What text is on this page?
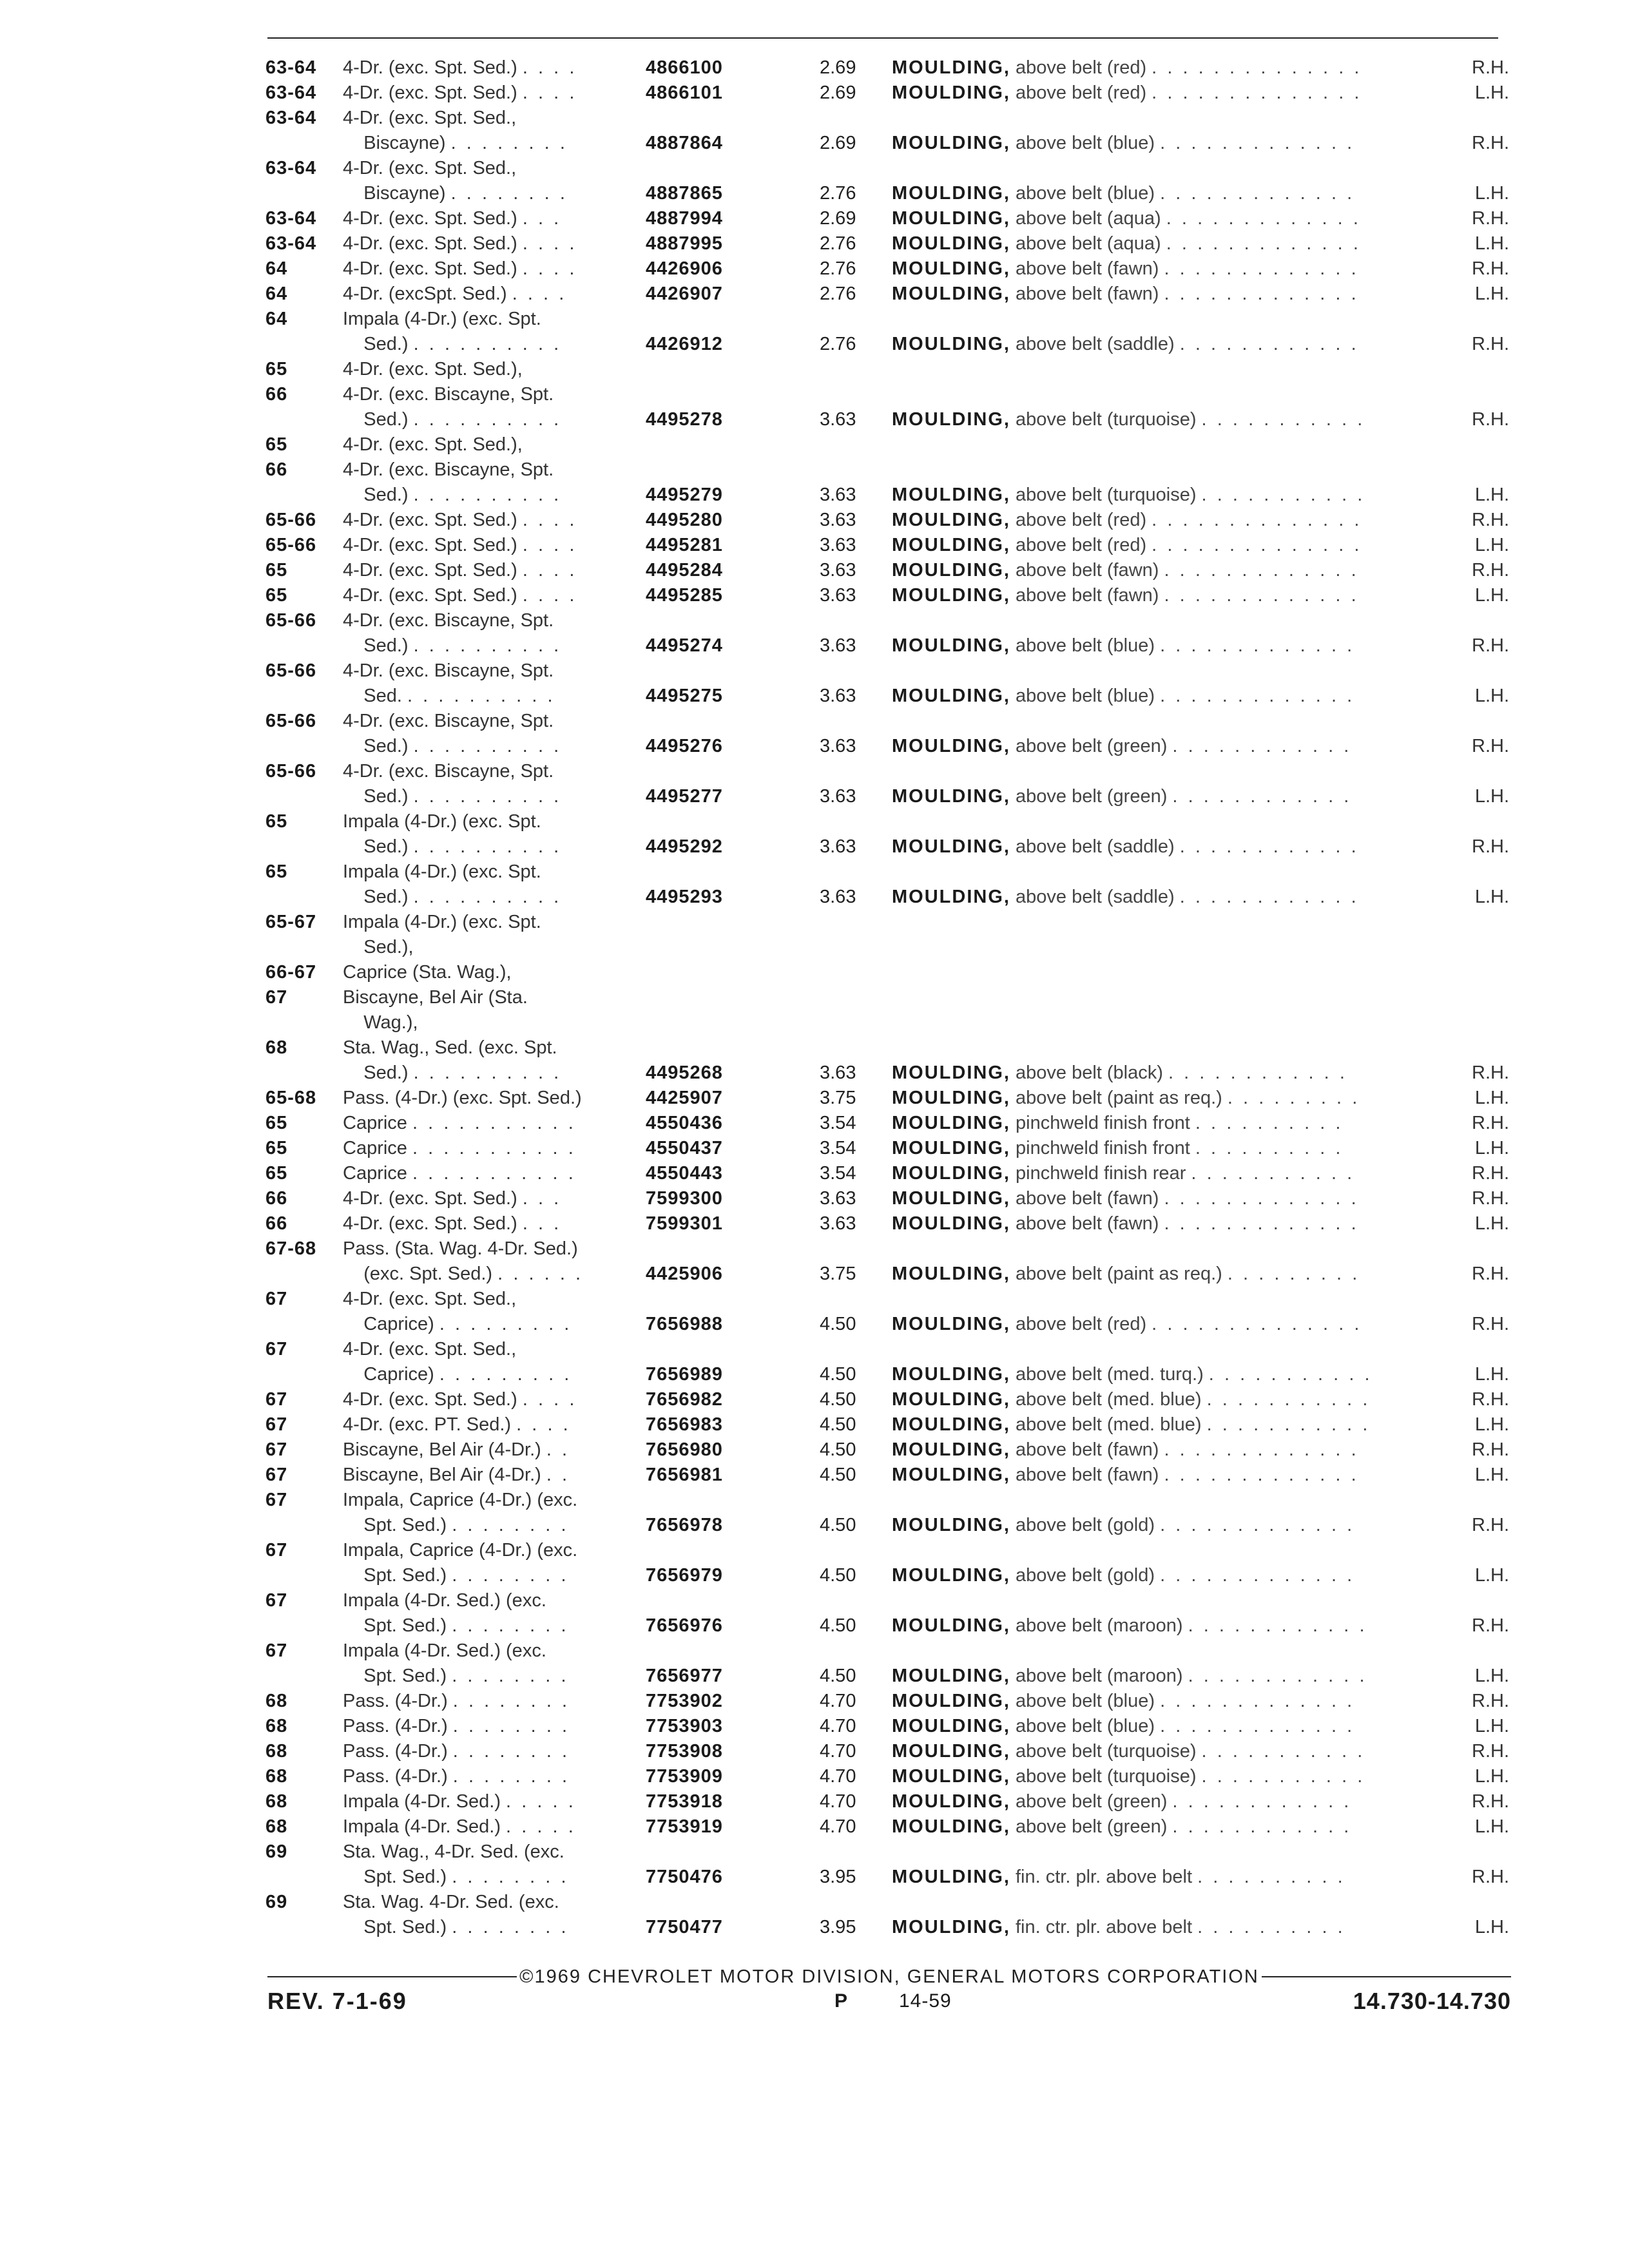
63-64	4-Dr. (exc. Spt. Sed.) .  .  .  .	4866100	2.69	MOULDING, above belt (red) .  .  .  .  .  .  .  .  .  .  .  .  .  .	R.H.
63-64	4-Dr. (exc. Spt. Sed.) .  .  .  .	4866101	2.69	MOULDING, above belt (red) .  .  .  .  .  .  .  .  .  .  .  .  .  .	L.H.
63-64	4-Dr. (exc. Spt. Sed.,				
	Biscayne) .  .  .  .  .  .  .  .	4887864	2.69	MOULDING, above belt (blue) .  .  .  .  .  .  .  .  .  .  .  .  .	R.H.
63-64	4-Dr. (exc. Spt. Sed.,				
	Biscayne) .  .  .  .  .  .  .  .	4887865	2.76	MOULDING, above belt (blue) .  .  .  .  .  .  .  .  .  .  .  .  .	L.H.
63-64	4-Dr. (exc. Spt. Sed.) .  .  .	4887994	2.69	MOULDING, above belt (aqua) .  .  .  .  .  .  .  .  .  .  .  .  .	R.H.
63-64	4-Dr. (exc. Spt. Sed.) .  .  .  .	4887995	2.76	MOULDING, above belt (aqua) .  .  .  .  .  .  .  .  .  .  .  .  .	L.H.
64	4-Dr. (exc. Spt. Sed.) .  .  .  .	4426906	2.76	MOULDING, above belt (fawn) .  .  .  .  .  .  .  .  .  .  .  .  .	R.H.
64	4-Dr. (excSpt. Sed.) .  .  .  .	4426907	2.76	MOULDING, above belt (fawn) .  .  .  .  .  .  .  .  .  .  .  .  .	L.H.
64	Impala (4-Dr.) (exc. Spt.				
	Sed.) .  .  .  .  .  .  .  .  .  .	4426912	2.76	MOULDING, above belt (saddle) .  .  .  .  .  .  .  .  .  .  .  .	R.H.
65	4-Dr. (exc. Spt. Sed.),				
66	4-Dr. (exc. Biscayne, Spt.				
	Sed.) .  .  .  .  .  .  .  .  .  .	4495278	3.63	MOULDING, above belt (turquoise) .  .  .  .  .  .  .  .  .  .  .	R.H.
65	4-Dr. (exc. Spt. Sed.),				
66	4-Dr. (exc. Biscayne, Spt.				
	Sed.) .  .  .  .  .  .  .  .  .  .	4495279	3.63	MOULDING, above belt (turquoise) .  .  .  .  .  .  .  .  .  .  .	L.H.
65-66	4-Dr. (exc. Spt. Sed.) .  .  .  .	4495280	3.63	MOULDING, above belt (red) .  .  .  .  .  .  .  .  .  .  .  .  .  .	R.H.
65-66	4-Dr. (exc. Spt. Sed.) .  .  .  .	4495281	3.63	MOULDING, above belt (red) .  .  .  .  .  .  .  .  .  .  .  .  .  .	L.H.
65	4-Dr. (exc. Spt. Sed.) .  .  .  .	4495284	3.63	MOULDING, above belt (fawn) .  .  .  .  .  .  .  .  .  .  .  .  .	R.H.
65	4-Dr. (exc. Spt. Sed.) .  .  .  .	4495285	3.63	MOULDING, above belt (fawn) .  .  .  .  .  .  .  .  .  .  .  .  .	L.H.
65-66	4-Dr. (exc. Biscayne, Spt.				
	Sed.) .  .  .  .  .  .  .  .  .  .	4495274	3.63	MOULDING, above belt (blue) .  .  .  .  .  .  .  .  .  .  .  .  .	R.H.
65-66	4-Dr. (exc. Biscayne, Spt.				
	Sed. .  .  .  .  .  .  .  .  .  .	4495275	3.63	MOULDING, above belt (blue) .  .  .  .  .  .  .  .  .  .  .  .  .	L.H.
65-66	4-Dr. (exc. Biscayne, Spt.				
	Sed.) .  .  .  .  .  .  .  .  .  .	4495276	3.63	MOULDING, above belt (green) .  .  .  .  .  .  .  .  .  .  .  .	R.H.
65-66	4-Dr. (exc. Biscayne, Spt.				
	Sed.) .  .  .  .  .  .  .  .  .  .	4495277	3.63	MOULDING, above belt (green) .  .  .  .  .  .  .  .  .  .  .  .	L.H.
65	Impala (4-Dr.) (exc. Spt.				
	Sed.) .  .  .  .  .  .  .  .  .  .	4495292	3.63	MOULDING, above belt (saddle) .  .  .  .  .  .  .  .  .  .  .  .	R.H.
65	Impala (4-Dr.) (exc. Spt.				
	Sed.) .  .  .  .  .  .  .  .  .  .	4495293	3.63	MOULDING, above belt (saddle) .  .  .  .  .  .  .  .  .  .  .  .	L.H.
65-67	Impala (4-Dr.) (exc. Spt.				
	Sed.),				
66-67	Caprice (Sta. Wag.),				
67	Biscayne, Bel Air (Sta.				
	Wag.),				
68	Sta. Wag., Sed. (exc. Spt.				
	Sed.) .  .  .  .  .  .  .  .  .  .	4495268	3.63	MOULDING, above belt (black) .  .  .  .  .  .  .  .  .  .  .  .	R.H.
65-68	Pass. (4-Dr.) (exc. Spt. Sed.)	4425907	3.75	MOULDING, above belt (paint as req.) .  .  .  .  .  .  .  .  .	L.H.
65	Caprice .  .  .  .  .  .  .  .  .  .  .	4550436	3.54	MOULDING, pinchweld finish front .  .  .  .  .  .  .  .  .  .	R.H.
65	Caprice .  .  .  .  .  .  .  .  .  .  .	4550437	3.54	MOULDING, pinchweld finish front .  .  .  .  .  .  .  .  .  .	L.H.
65	Caprice .  .  .  .  .  .  .  .  .  .  .	4550443	3.54	MOULDING, pinchweld finish rear .  .  .  .  .  .  .  .  .  .  .	R.H.
66	4-Dr. (exc. Spt. Sed.) .  .  .	7599300	3.63	MOULDING, above belt (fawn) .  .  .  .  .  .  .  .  .  .  .  .  .	R.H.
66	4-Dr. (exc. Spt. Sed.) .  .  .	7599301	3.63	MOULDING, above belt (fawn) .  .  .  .  .  .  .  .  .  .  .  .  .	L.H.
67-68	Pass. (Sta. Wag. 4-Dr. Sed.)				
	(exc. Spt. Sed.) .  .  .  .  .  .	4425906	3.75	MOULDING, above belt (paint as req.) .  .  .  .  .  .  .  .  .	R.H.
67	4-Dr. (exc. Spt. Sed.,				
	Caprice) .  .  .  .  .  .  .  .  .	7656988	4.50	MOULDING, above belt (red) .  .  .  .  .  .  .  .  .  .  .  .  .  .	R.H.
67	4-Dr. (exc. Spt. Sed.,				
	Caprice) .  .  .  .  .  .  .  .  .	7656989	4.50	MOULDING, above belt (med. turq.) .  .  .  .  .  .  .  .  .  .  .	L.H.
67	4-Dr. (exc. Spt. Sed.) .  .  .  .	7656982	4.50	MOULDING, above belt (med. blue) .  .  .  .  .  .  .  .  .  .  .	R.H.
67	4-Dr. (exc. PT. Sed.) .  .  .  .	7656983	4.50	MOULDING, above belt (med. blue) .  .  .  .  .  .  .  .  .  .  .	L.H.
67	Biscayne, Bel Air (4-Dr.) .  .	7656980	4.50	MOULDING, above belt (fawn) .  .  .  .  .  .  .  .  .  .  .  .  .	R.H.
67	Biscayne, Bel Air (4-Dr.) .  .	7656981	4.50	MOULDING, above belt (fawn) .  .  .  .  .  .  .  .  .  .  .  .  .	L.H.
67	Impala, Caprice (4-Dr.) (exc.				
	Spt. Sed.) .  .  .  .  .  .  .  .	7656978	4.50	MOULDING, above belt (gold) .  .  .  .  .  .  .  .  .  .  .  .  .	R.H.
67	Impala, Caprice (4-Dr.) (exc.				
	Spt. Sed.) .  .  .  .  .  .  .  .	7656979	4.50	MOULDING, above belt (gold) .  .  .  .  .  .  .  .  .  .  .  .  .	L.H.
67	Impala (4-Dr. Sed.) (exc.				
	Spt. Sed.) .  .  .  .  .  .  .  .	7656976	4.50	MOULDING, above belt (maroon) .  .  .  .  .  .  .  .  .  .  .  .	R.H.
67	Impala (4-Dr. Sed.) (exc.				
	Spt. Sed.) .  .  .  .  .  .  .  .	7656977	4.50	MOULDING, above belt (maroon) .  .  .  .  .  .  .  .  .  .  .  .	L.H.
68	Pass. (4-Dr.) .  .  .  .  .  .  .  .	7753902	4.70	MOULDING, above belt (blue) .  .  .  .  .  .  .  .  .  .  .  .  .	R.H.
68	Pass. (4-Dr.) .  .  .  .  .  .  .  .	7753903	4.70	MOULDING, above belt (blue) .  .  .  .  .  .  .  .  .  .  .  .  .	L.H.
68	Pass. (4-Dr.) .  .  .  .  .  .  .  .	7753908	4.70	MOULDING, above belt (turquoise) .  .  .  .  .  .  .  .  .  .  .	R.H.
68	Pass. (4-Dr.) .  .  .  .  .  .  .  .	7753909	4.70	MOULDING, above belt (turquoise) .  .  .  .  .  .  .  .  .  .  .	L.H.
68	Impala (4-Dr. Sed.) .  .  .  .  .	7753918	4.70	MOULDING, above belt (green) .  .  .  .  .  .  .  .  .  .  .  .	R.H.
68	Impala (4-Dr. Sed.) .  .  .  .  .	7753919	4.70	MOULDING, above belt (green) .  .  .  .  .  .  .  .  .  .  .  .	L.H.
69	Sta. Wag., 4-Dr. Sed. (exc.				
	Spt. Sed.) .  .  .  .  .  .  .  .	7750476	3.95	MOULDING, fin. ctr. plr. above belt .  .  .  .  .  .  .  .  .  .	R.H.
69	Sta. Wag. 4-Dr. Sed. (exc.				
	Spt. Sed.) .  .  .  .  .  .  .  .	7750477	3.95	MOULDING, fin. ctr. plr. above belt .  .  .  .  .  .  .  .  .  .	L.H.
©1969 CHEVROLET MOTOR DIVISION, GENERAL MOTORS CORPORATION
REV. 7-1-69	P	14-59	14.730-14.730
